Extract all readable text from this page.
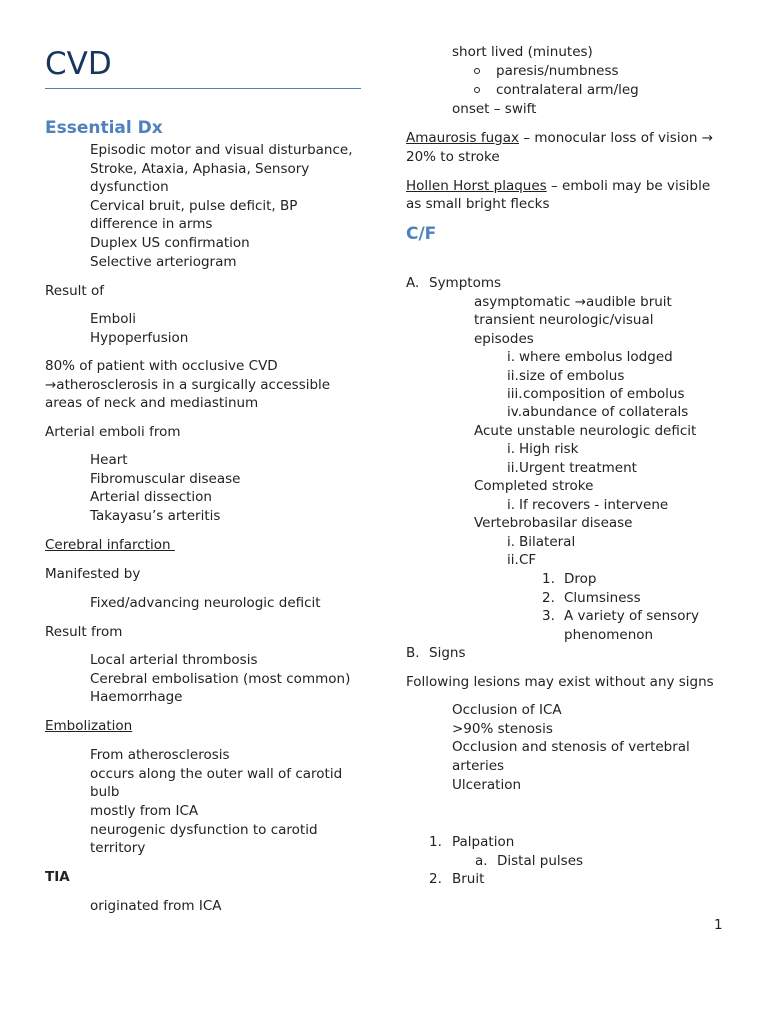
CVD
Essential Dx
Episodic motor and visual disturbance,
Stroke, Ataxia, Aphasia, Sensory
dysfunction
Cervical bruit, pulse deficit, BP
difference in arms
Duplex US confirmation
Selective arteriogram
Result of
Emboli
Hypoperfusion
80% of patient with occlusive CVD
→atherosclerosis in a surgically accessible
areas of neck and mediastinum
Arterial emboli from
Heart
Fibromuscular disease
Arterial dissection
Takayasu’s arteritis
Cerebral infarction
Manifested by
Fixed/advancing neurologic deficit
Result from
Local arterial thrombosis
Cerebral embolisation (most common)
Haemorrhage
Embolization
From atherosclerosis
occurs along the outer wall of carotid
bulb
mostly from ICA
neurogenic dysfunction to carotid
territory
TIA
originated from ICA
short lived (minutes)
paresis/numbness
contralateral arm/leg
onset – swift
Amaurosis fugax – monocular loss of vision →
20% to stroke
Hollen Horst plaques – emboli may be visible
as small bright flecks
C/F
A. Symptoms
asymptomatic →audible bruit
transient neurologic/visual
episodes
i. where embolus lodged
ii. size of embolus
iii. composition of embolus
iv. abundance of collaterals
Acute unstable neurologic deficit
i. High risk
ii. Urgent treatment
Completed stroke
i. If recovers - intervene
Vertebrobasilar disease
i. Bilateral
ii. CF
1. Drop
2. Clumsiness
3. A variety of sensory
phenomenon
B. Signs
Following lesions may exist without any signs
Occlusion of ICA
>90% stenosis
Occlusion and stenosis of vertebral
arteries
Ulceration
1. Palpation
a. Distal pulses
2. Bruit
1
